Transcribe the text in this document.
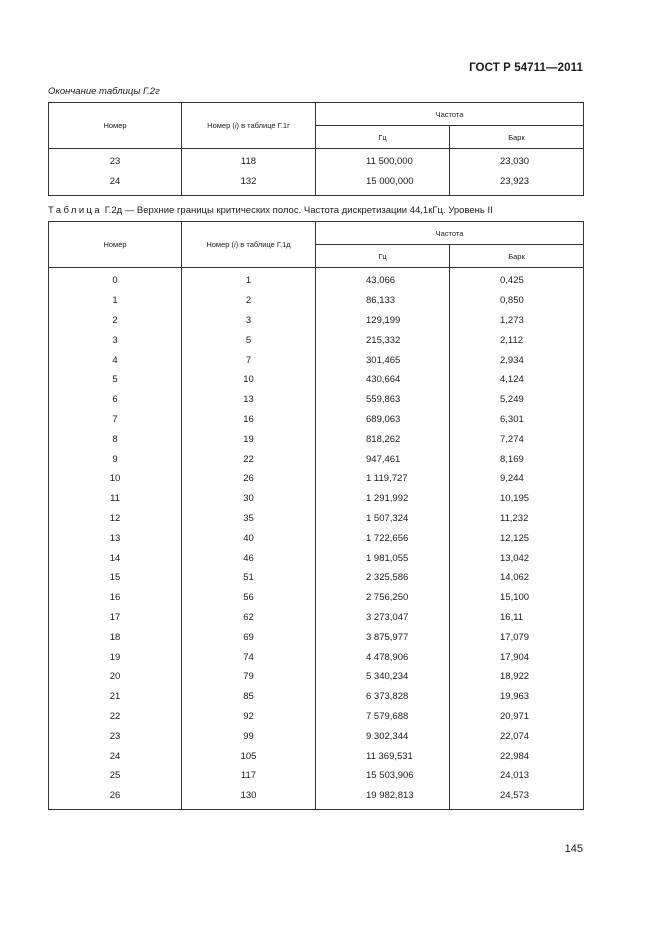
ГОСТ Р 54711—2011
Окончание таблицы Г.2г
Номер	Номер (i) в таблице Г.1г	Частота	
		Гц	Барк
23	118	11 500,000	23,030
24	132	15 000,000	23,923
Таблица Г.2д — Верхние границы критических полос. Частота дискретизации 44,1кГц. Уровень II
Номер	Номер (i) в таблице Г.1д	Частота	
		Гц	Барк
0	1	43,066	0,425
1	2	86,133	0,850
2	3	129,199	1,273
3	5	215,332	2,112
4	7	301,465	2,934
5	10	430,664	4,124
6	13	559,863	5,249
7	16	689,063	6,301
8	19	818,262	7,274
9	22	947,461	8,169
10	26	1 119,727	9,244
11	30	1 291,992	10,195
12	35	1 507,324	11,232
13	40	1 722,656	12,125
14	46	1 981,055	13,042
15	51	2 325,586	14,062
16	56	2 756,250	15,100
17	62	3 273,047	16,11
18	69	3 875,977	17,079
19	74	4 478,906	17,904
20	79	5 340,234	18,922
21	85	6 373,828	19,963
22	92	7 579,688	20,971
23	99	9 302,344	22,074
24	105	11 369,531	22,984
25	117	15 503,906	24,013
26	130	19 982,813	24,573
145
